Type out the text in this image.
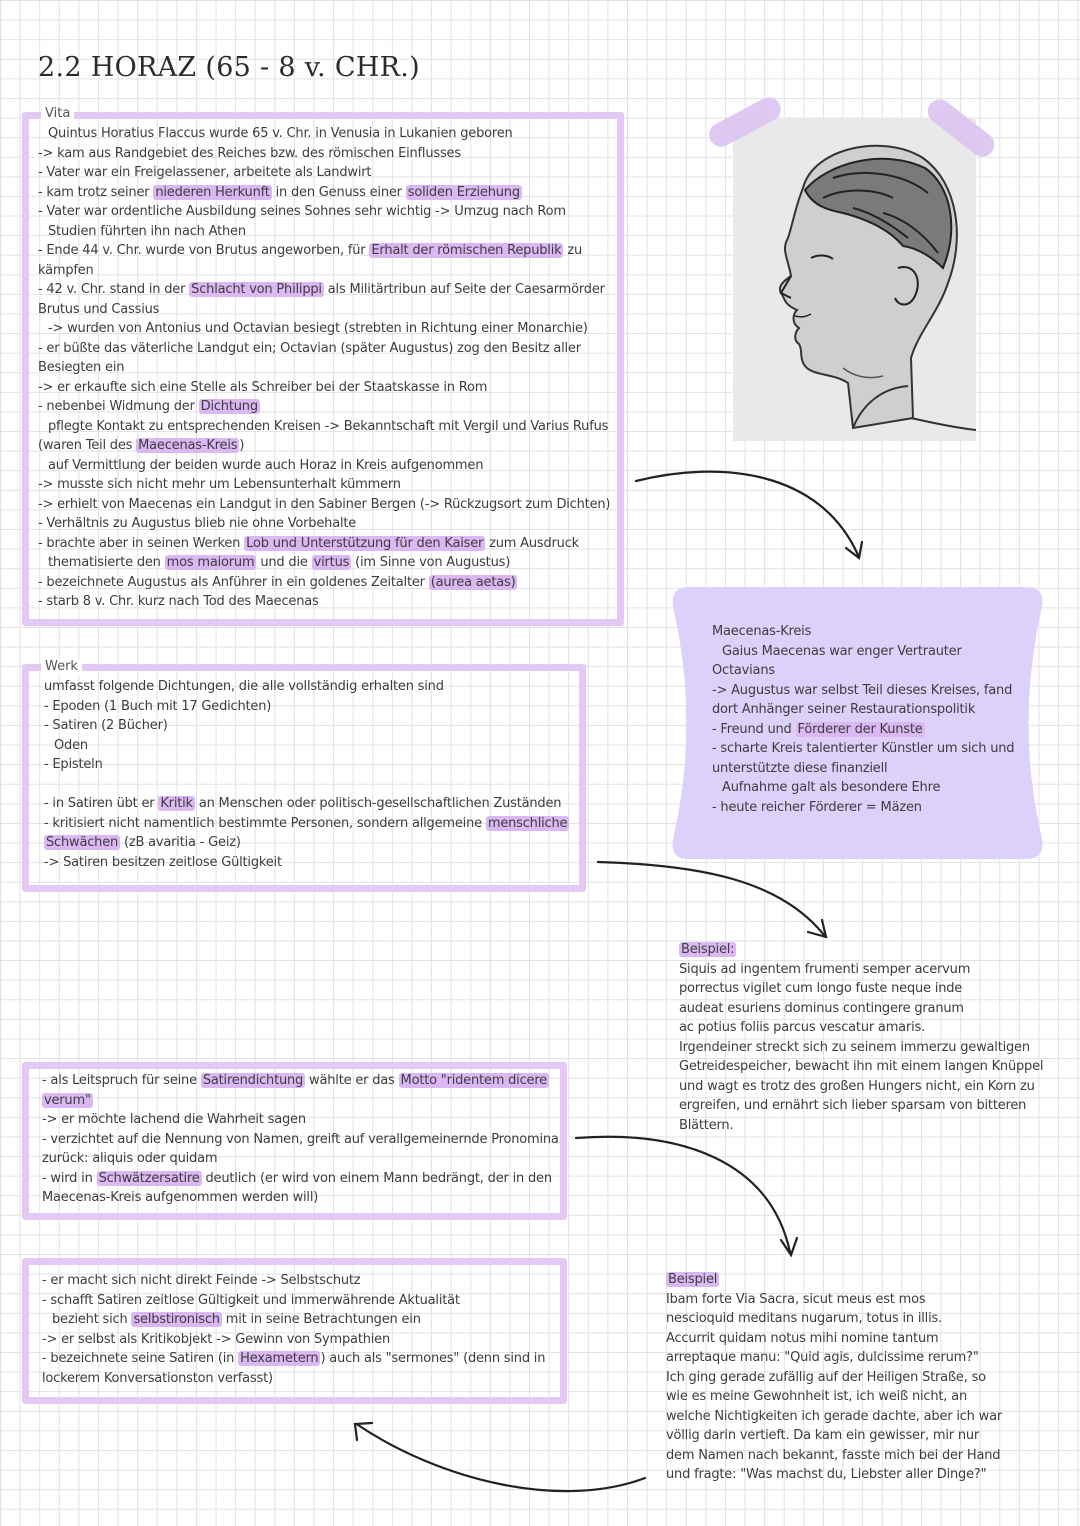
2.2 HORAZ (65 - 8 v. CHR.)
Vita
Quintus Horatius Flaccus wurde 65 v. Chr. in Venusia in Lukanien geboren
-> kam aus Randgebiet des Reiches bzw. des römischen Einflusses
- Vater war ein Freigelassener, arbeitete als Landwirt
- kam trotz seiner niederen Herkunft in den Genuss einer soliden Erziehung
- Vater war ordentliche Ausbildung seines Sohnes sehr wichtig -> Umzug nach Rom
Studien führten ihn nach Athen
- Ende 44 v. Chr. wurde von Brutus angeworben, für Erhalt der römischen Republik zu
kämpfen
- 42 v. Chr. stand in der Schlacht von Philippi als Militärtribun auf Seite der Caesarmörder
Brutus und Cassius
-> wurden von Antonius und Octavian besiegt (strebten in Richtung einer Monarchie)
- er büßte das väterliche Landgut ein; Octavian (später Augustus) zog den Besitz aller
Besiegten ein
-> er erkaufte sich eine Stelle als Schreiber bei der Staatskasse in Rom
- nebenbei Widmung der Dichtung
pflegte Kontakt zu entsprechenden Kreisen -> Bekanntschaft mit Vergil und Varius Rufus
(waren Teil des Maecenas-Kreis )
auf Vermittlung der beiden wurde auch Horaz in Kreis aufgenommen
-> musste sich nicht mehr um Lebensunterhalt kümmern
-> erhielt von Maecenas ein Landgut in den Sabiner Bergen (-> Rückzugsort zum Dichten)
- Verhältnis zu Augustus blieb nie ohne Vorbehalte
- brachte aber in seinen Werken Lob und Unterstützung für den Kaiser zum Ausdruck
thematisierte den mos maiorum und die virtus (im Sinne von Augustus)
- bezeichnete Augustus als Anführer in ein goldenes Zeitalter (aurea aetas)
- starb 8 v. Chr. kurz nach Tod des Maecenas
Werk
umfasst folgende Dichtungen, die alle vollständig erhalten sind
- Epoden (1 Buch mit 17 Gedichten)
- Satiren (2 Bücher)
Oden
- Episteln

- in Satiren übt er Kritik an Menschen oder politisch-gesellschaftlichen Zuständen
- kritisiert nicht namentlich bestimmte Personen, sondern allgemeine menschliche
Schwächen (zB avaritia - Geiz)
-> Satiren besitzen zeitlose Gültigkeit
- als Leitspruch für seine Satirendichtung wählte er das Motto "ridentem dicere
verum"
-> er möchte lachend die Wahrheit sagen
- verzichtet auf die Nennung von Namen, greift auf verallgemeinernde Pronomina
zurück: aliquis oder quidam
- wird in Schwätzersatire deutlich (er wird von einem Mann bedrängt, der in den
Maecenas-Kreis aufgenommen werden will)
- er macht sich nicht direkt Feinde -> Selbstschutz
- schafft Satiren zeitlose Gültigkeit und immerwährende Aktualität
bezieht sich selbstironisch mit in seine Betrachtungen ein
-> er selbst als Kritikobjekt -> Gewinn von Sympathien
- bezeichnete seine Satiren (in Hexametern ) auch als "sermones" (denn sind in
lockerem Konversationston verfasst)
Maecenas-Kreis
Gaius Maecenas war enger Vertrauter
Octavians
-> Augustus war selbst Teil dieses Kreises, fand
dort Anhänger seiner Restaurationspolitik
- Freund und Förderer der Kunste
- scharte Kreis talentierter Künstler um sich und
unterstützte diese finanziell
Aufnahme galt als besondere Ehre
- heute reicher Förderer = Mäzen
Beispiel:
Siquis ad ingentem frumenti semper acervum
porrectus vigilet cum longo fuste neque inde
audeat esuriens dominus contingere granum
ac potius foliis parcus vescatur amaris.
Irgendeiner streckt sich zu seinem immerzu gewaltigen
Getreidespeicher, bewacht ihn mit einem langen Knüppel
und wagt es trotz des großen Hungers nicht, ein Korn zu
ergreifen, und ernährt sich lieber sparsam von bitteren
Blättern.
Beispiel
Ibam forte Via Sacra, sicut meus est mos
nescioquid meditans nugarum, totus in illis.
Accurrit quidam notus mihi nomine tantum
arreptaque manu: "Quid agis, dulcissime rerum?"
Ich ging gerade zufällig auf der Heiligen Straße, so
wie es meine Gewohnheit ist, ich weiß nicht, an
welche Nichtigkeiten ich gerade dachte, aber ich war
völlig darin vertieft. Da kam ein gewisser, mir nur
dem Namen nach bekannt, fasste mich bei der Hand
und fragte: "Was machst du, Liebster aller Dinge?"
